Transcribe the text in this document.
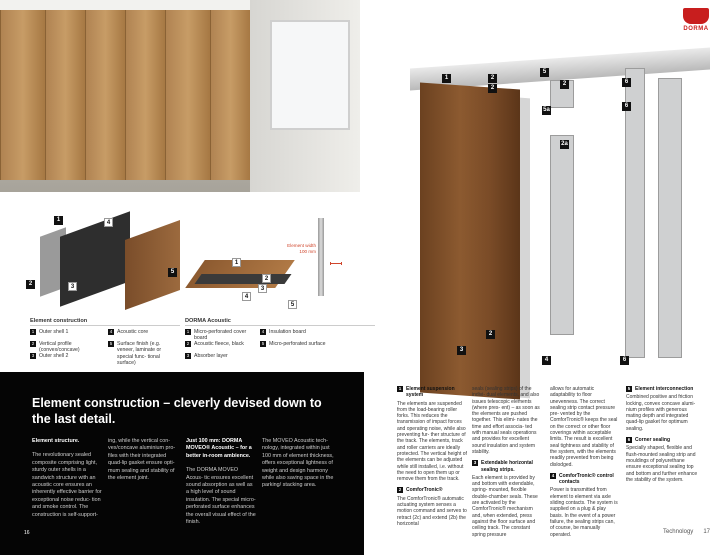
1	4
2	3
5
1
2
3
4
5
Element width 100 mm
Element construction	DORMA Acoustic
1 Outer shell 1
2 Vertical profile (convex/concave)
3 Outer shell 2
4 Acoustic core
5 Surface finish (e.g. veneer, laminate or special func- tional surface)
1 Micro-perforated cover board
2 Acoustic fleece, black
3 Absorber layer
4 Insulation board
5 Micro-perforated surface
1	2
2
2
2a
5
5a
6
6
3
2
4	6
DORMA
Element construction – cleverly devised down to the last detail.

Element structure.

The revolutionary sealed composite comprising light, sturdy outer shells in a sandwich structure with an acoustic core ensures an inherently effective barrier for exceptional noise reduc- tion and smoke control. The construction is self-support-

ing, while the vertical con- vex/concave aluminium pro- files with their integrated quad-lip gasket ensure opti- mum sealing and stability of the element joint.

Just 100 mm: DORMA MOVEO® Acoustic – for a better in-room ambience.

The DORMA MOVEO Acous- tic ensures excellent sound absorption as well as a high level of sound insulation. The special micro-perforated surface enhances the overall visual effect of the finish.

The MOVEO Acoustic tech- nology, integrated within just 100 mm of element thickness, offers exceptional lightness of weight and design harmony while also saving space in the parking/ stacking area.

1 Element suspension system

The elements are suspended from the load-bearing roller forks. This reduces the transmission of impact forces and operating noise, while also preventing fur- ther structure of the track. The elements, track and roller carriers are ideally protected. The vertical height of the elements can be adjusted while still installed, i.e. without the need to open them up or remove them from the track.

2 ComforTronic®

The ComforTronic® automatic actuating system senses a motion command and serves to retract (2c) and extend (2b) the horizontal

seals (sealing strips) of the indivi- dual elements, and also issues telescopic elements (where pres- ent) – as soon as the elements are pushed together. This elimi- nates the time and effort associa- ted with manual seals operations and provides for excellent sound insulation and system stability.

3 Extendable horizontal sealing strips.

Each element is provided by and bottom with extendable, spring- mounted, flexible double-chamber seals. These are activated by the ComforTronic® mechanism and, when extended, press against the floor surface and ceiling track. The constant spring pressure

allows for automatic adaptability to floor unevenness. The correct sealing strip contact pressure pre- vented by the ComforTronic® keeps the seal on the correct or other floor coverings within acceptable limits. The result is excellent seal tightness and stability of the system, with the elements readily prevented from being dislodged.

4 ComforTronic® control contacts

Power is transmitted from element to element via axle sliding contacts. The system is supplied on a plug & play basis. In the event of a power failure, the sealing strips can, of course, be manually operated.

5 Element interconnection

Combined positive and friction locking, convex concave alumi- nium profiles with generous mating depth and integrated quad-lip gasket for optimum sealing.

6 Corner sealing

Specially shaped, flexible and flush-mounted sealing strip and mouldings of polyurethane ensure exceptional sealing top and bottom and further enhance the stability of the system.

16	Technology 17
